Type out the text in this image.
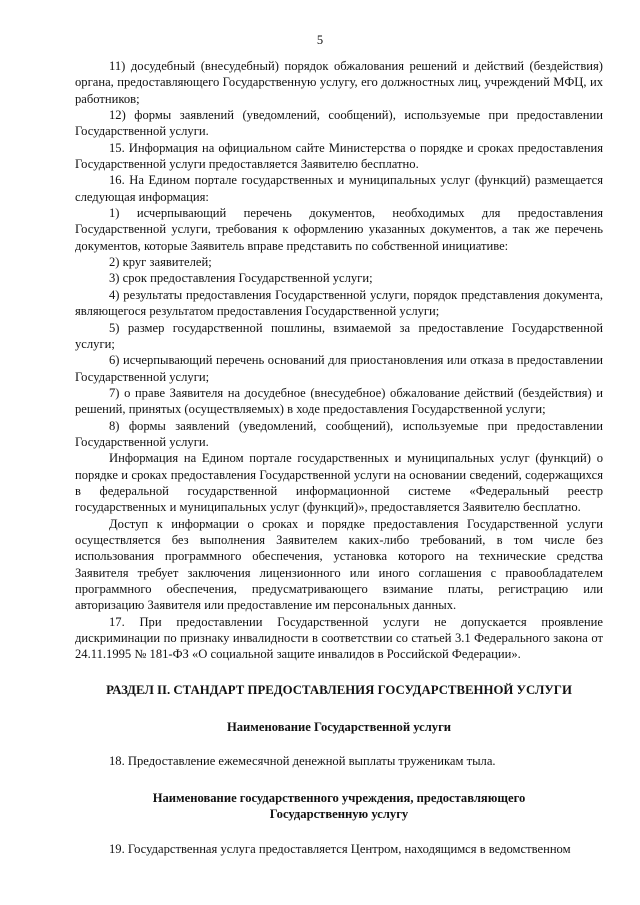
5

11) досудебный (внесудебный) порядок обжалования решений и действий (бездействия) органа, предоставляющего Государственную услугу, его должностных лиц, учреждений МФЦ, их работников;

12) формы заявлений (уведомлений, сообщений), используемые при предоставлении Государственной услуги.

15. Информация на официальном сайте Министерства о порядке и сроках предоставления Государственной услуги предоставляется Заявителю бесплатно.

16. На Едином портале государственных и муниципальных услуг (функций) размещается следующая информация:

1) исчерпывающий перечень документов, необходимых для предоставления Государственной услуги, требования к оформлению указанных документов, а так же перечень документов, которые Заявитель вправе представить по собственной инициативе:

2) круг заявителей;

3) срок предоставления Государственной услуги;

4) результаты предоставления Государственной услуги, порядок представления документа, являющегося результатом предоставления Государственной услуги;

5) размер государственной пошлины, взимаемой за предоставление Государственной услуги;

6) исчерпывающий перечень оснований для приостановления или отказа в предоставлении Государственной услуги;

7) о праве Заявителя на досудебное (внесудебное) обжалование действий (бездействия) и решений, принятых (осуществляемых) в ходе предоставления Государственной услуги;

8) формы заявлений (уведомлений, сообщений), используемые при предоставлении Государственной услуги.

Информация на Едином портале государственных и муниципальных услуг (функций) о порядке и сроках предоставления Государственной услуги на основании сведений, содержащихся в федеральной государственной информационной системе «Федеральный реестр государственных и муниципальных услуг (функций)», предоставляется Заявителю бесплатно.

Доступ к информации о сроках и порядке предоставления Государственной услуги осуществляется без выполнения Заявителем каких-либо требований, в том числе без использования программного обеспечения, установка которого на технические средства Заявителя требует заключения лицензионного или иного соглашения с правообладателем программного обеспечения, предусматривающего взимание платы, регистрацию или авторизацию Заявителя или предоставление им персональных данных.

17. При предоставлении Государственной услуги не допускается проявление дискриминации по признаку инвалидности в соответствии со статьей 3.1 Федерального закона от 24.11.1995 № 181-ФЗ «О социальной защите инвалидов в Российской Федерации».

РАЗДЕЛ II. СТАНДАРТ ПРЕДОСТАВЛЕНИЯ ГОСУДАРСТВЕННОЙ УСЛУГИ
Наименование Государственной услуги

18. Предоставление ежемесячной денежной выплаты труженикам тыла.

Наименование государственного учреждения, предоставляющего
Государственную услугу

19. Государственная услуга предоставляется Центром, находящимся в ведомственном
